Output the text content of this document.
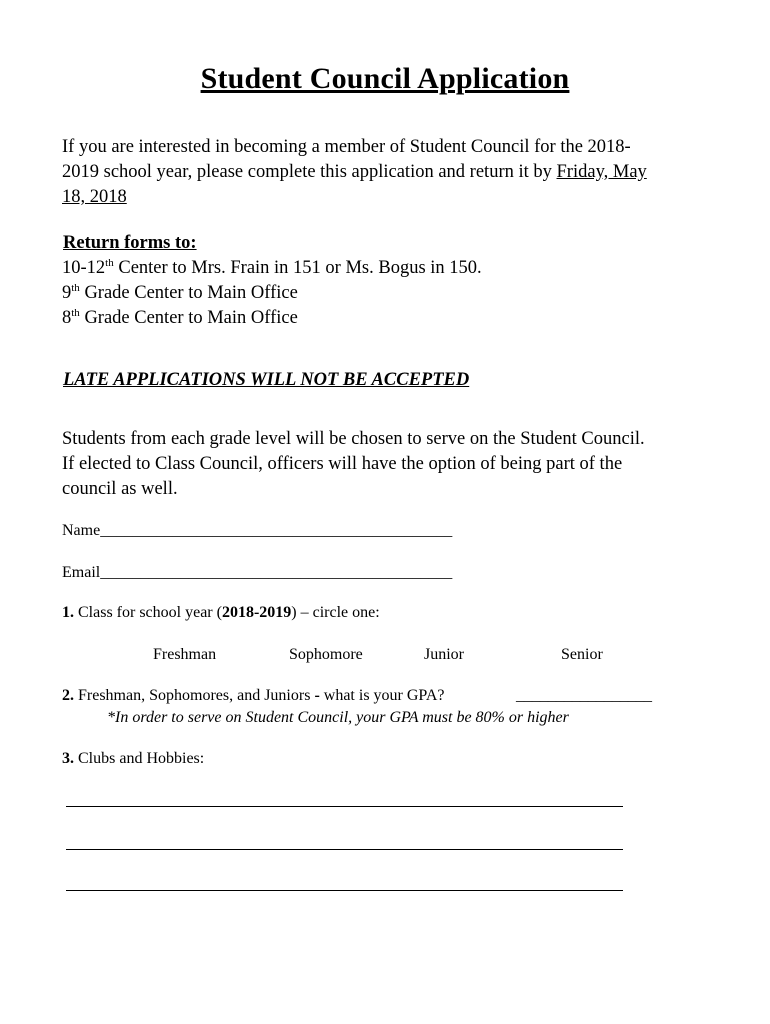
Student Council Application
If you are interested in becoming a member of Student Council for the 2018-
2019 school year, please complete this application and return it by Friday, May
18, 2018
Return forms to:
10-12th Center to Mrs. Frain in 151 or Ms. Bogus in 150.
9th Grade Center to Main Office
8th Grade Center to Main Office
LATE APPLICATIONS WILL NOT BE ACCEPTED
Students from each grade level will be chosen to serve on the Student Council.
If elected to Class Council, officers will have the option of being part of the
council as well.
Name____________________________________________
Email____________________________________________
1. Class for school year (2018-2019) – circle one:
Freshman	Sophomore	Junior	Senior
2. Freshman, Sophomores, and Juniors - what is your GPA?	_________________
*In order to serve on Student Council, your GPA must be 80% or higher
3. Clubs and Hobbies:
